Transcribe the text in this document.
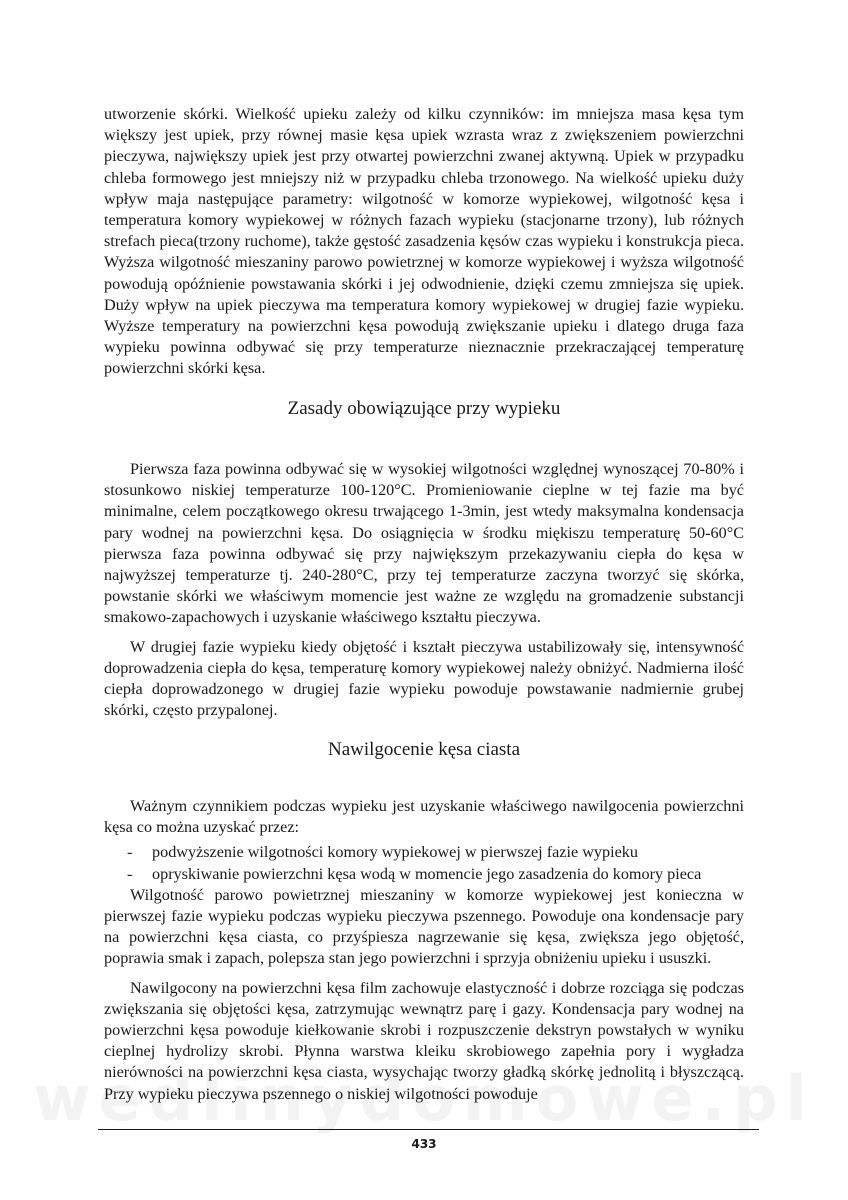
utworzenie skórki. Wielkość upieku zależy od kilku czynników: im mniejsza masa kęsa tym większy jest upiek, przy równej masie kęsa upiek wzrasta wraz z zwiększeniem powierzchni pieczywa, największy upiek jest przy otwartej powierzchni zwanej aktywną. Upiek w przypadku chleba formowego jest mniejszy niż w przypadku chleba trzonowego. Na wielkość upieku duży wpływ maja następujące parametry: wilgotność w komorze wypiekowej, wilgotność kęsa i temperatura komory wypiekowej w różnych fazach wypieku (stacjonarne trzony), lub różnych strefach pieca(trzony ruchome), także gęstość zasadzenia kęsów czas wypieku i konstrukcja pieca. Wyższa wilgotność mieszaniny parowo powietrznej w komorze wypiekowej i wyższa wilgotność powodują opóźnienie powstawania skórki i jej odwodnienie, dzięki czemu zmniejsza się upiek. Duży wpływ na upiek pieczywa ma temperatura komory wypiekowej w drugiej fazie wypieku. Wyższe temperatury na powierzchni kęsa powodują zwiększanie upieku i dlatego druga faza wypieku powinna odbywać się przy temperaturze nieznacznie przekraczającej temperaturę powierzchni skórki kęsa.

Zasady obowiązujące przy wypieku

Pierwsza faza powinna odbywać się w wysokiej wilgotności względnej wynoszącej 70-80% i stosunkowo niskiej temperaturze 100-120°C. Promieniowanie cieplne w tej fazie ma być minimalne, celem początkowego okresu trwającego 1-3min, jest wtedy maksymalna kondensacja pary wodnej na powierzchni kęsa. Do osiągnięcia w środku miękiszu temperaturę 50-60°C pierwsza faza powinna odbywać się przy największym przekazywaniu ciepła do kęsa w najwyższej temperaturze tj. 240-280°C, przy tej temperaturze zaczyna tworzyć się skórka, powstanie skórki we właściwym momencie jest ważne ze względu na gromadzenie substancji smakowo-zapachowych i uzyskanie właściwego kształtu pieczywa.

W drugiej fazie wypieku kiedy objętość i kształt pieczywa ustabilizowały się, intensywność doprowadzenia ciepła do kęsa, temperaturę komory wypiekowej należy obniżyć. Nadmierna ilość ciepła doprowadzonego w drugiej fazie wypieku powoduje powstawanie nadmiernie grubej skórki, często przypalonej.

Nawilgocenie kęsa ciasta

Ważnym czynnikiem podczas wypieku jest uzyskanie właściwego nawilgocenia powierzchni kęsa co można uzyskać przez:

- podwyższenie wilgotności komory wypiekowej w pierwszej fazie wypieku
- opryskiwanie powierzchni kęsa wodą w momencie jego zasadzenia do komory pieca

Wilgotność parowo powietrznej mieszaniny w komorze wypiekowej jest konieczna w pierwszej fazie wypieku podczas wypieku pieczywa pszennego. Powoduje ona kondensacje pary na powierzchni kęsa ciasta, co przyśpiesza nagrzewanie się kęsa, zwiększa jego objętość, poprawia smak i zapach, polepsza stan jego powierzchni i sprzyja obniżeniu upieku i ususzki.

Nawilgocony na powierzchni kęsa film zachowuje elastyczność i dobrze rozciąga się podczas zwiększania się objętości kęsa, zatrzymując wewnątrz parę i gazy. Kondensacja pary wodnej na powierzchni kęsa powoduje kiełkowanie skrobi i rozpuszczenie dekstryn powstałych w wyniku cieplnej hydrolizy skrobi. Płynna warstwa kleiku skrobiowego zapełnia pory i wygładza nierówności na powierzchni kęsa ciasta, wysychając tworzy gładką skórkę jednolitą i błyszczącą. Przy wypieku pieczywa pszennego o niskiej wilgotności powoduje

433
